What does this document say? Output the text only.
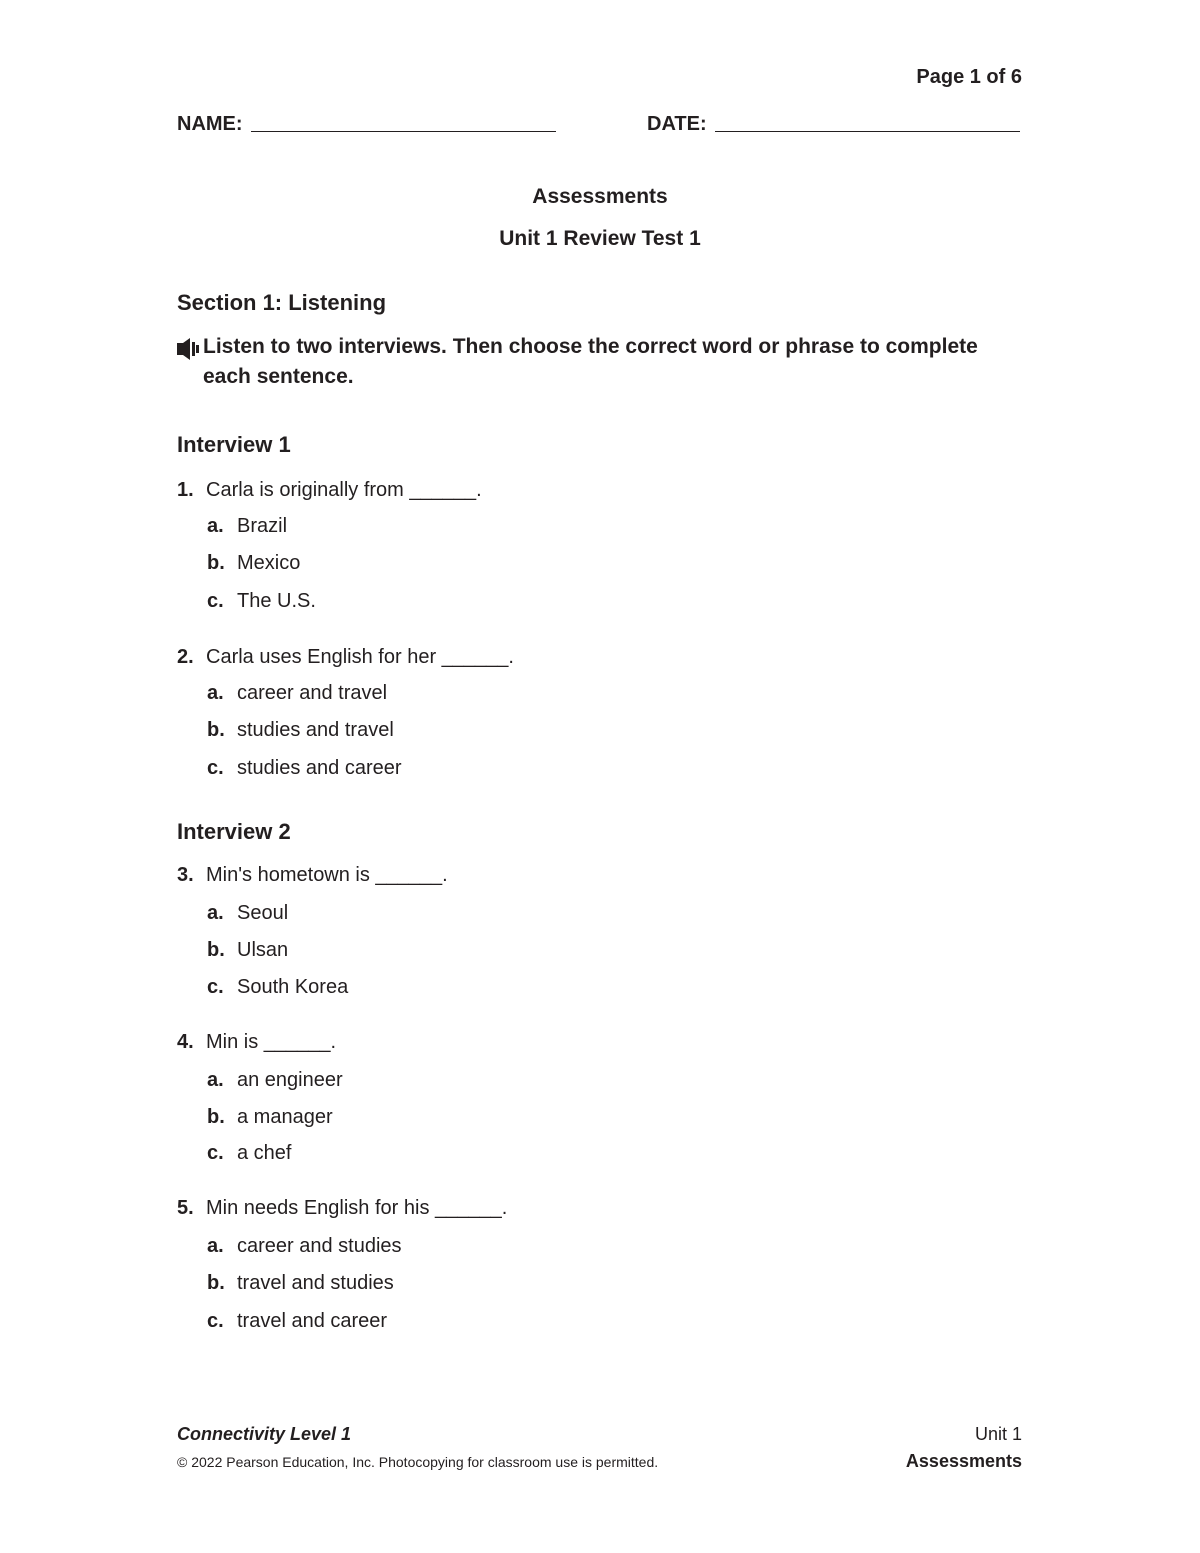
Page 1 of 6
NAME:	DATE:
Assessments
Unit 1 Review Test 1
Section 1: Listening
Listen to two interviews. Then choose the correct word or phrase to complete each sentence.
Interview 1
1. Carla is originally from ______.
a. Brazil
b. Mexico
c. The U.S.
2. Carla uses English for her ______.
a. career and travel
b. studies and travel
c. studies and career
Interview 2
3. Min's hometown is ______.
a. Seoul
b. Ulsan
c. South Korea
4. Min is ______.
a. an engineer
b. a manager
c. a chef
5. Min needs English for his ______.
a. career and studies
b. travel and studies
c. travel and career
Connectivity Level 1
© 2022 Pearson Education, Inc. Photocopying for classroom use is permitted.
Unit 1
Assessments
